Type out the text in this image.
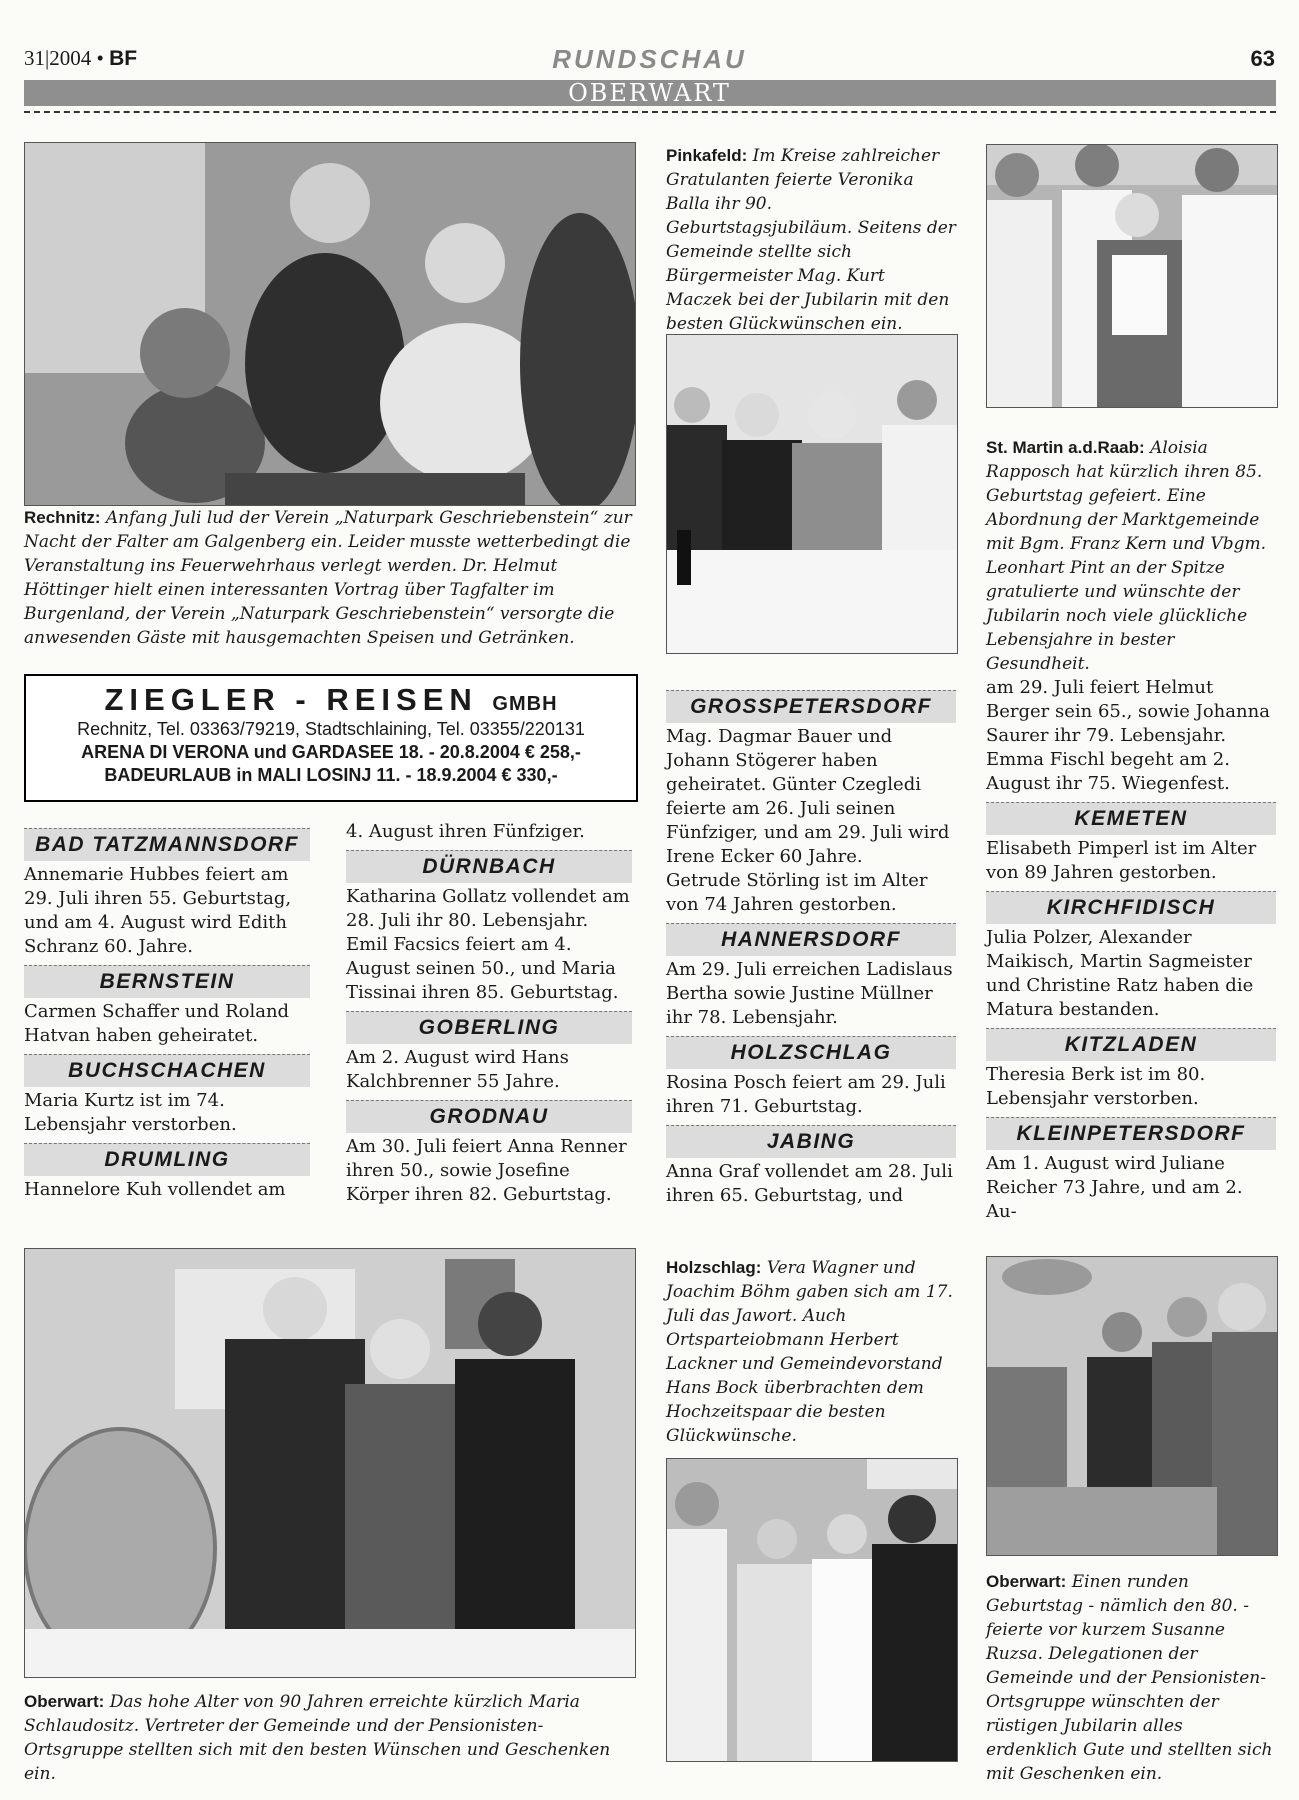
31|2004 • BF	RUNDSCHAU	63
OBERWART
Rechnitz: Anfang Juli lud der Verein „Naturpark Geschriebenstein“ zur Nacht der Falter am Galgenberg ein. Leider musste wetterbedingt die Veranstaltung ins Feuerwehrhaus verlegt werden. Dr. Helmut Höttinger hielt einen interessanten Vortrag über Tagfalter im Burgenland, der Verein „Naturpark Geschriebenstein“ versorgte die anwesenden Gäste mit hausgemachten Speisen und Getränken.
Pinkafeld: Im Kreise zahlreicher Gratulanten feierte Veronika Balla ihr 90. Geburtstagsjubiläum. Seitens der Gemeinde stellte sich Bürgermeister Mag. Kurt Maczek bei der Jubilarin mit den besten Glückwünschen ein.
St. Martin a.d.Raab: Aloisia Rapposch hat kürzlich ihren 85. Geburtstag gefeiert. Eine Abordnung der Marktgemeinde mit Bgm. Franz Kern und Vbgm. Leonhart Pint an der Spitze gratulierte und wünschte der Jubilarin noch viele glückliche Lebensjahre in bester Gesundheit.
ZIEGLER - REISEN GMBH
Rechnitz, Tel. 03363/79219, Stadtschlaining, Tel. 03355/220131
ARENA DI VERONA und GARDASEE 18. - 20.8.2004 € 258,-
BADEURLAUB in MALI LOSINJ 11. - 18.9.2004 € 330,-
BAD TATZMANNSDORF
Annemarie Hubbes feiert am 29. Juli ihren 55. Geburtstag, und am 4. August wird Edith Schranz 60. Jahre.
BERNSTEIN
Carmen Schaffer und Roland Hatvan haben geheiratet.
BUCHSCHACHEN
Maria Kurtz ist im 74. Lebensjahr verstorben.
DRUMLING
Hannelore Kuh vollendet am
4. August ihren Fünfziger.
DÜRNBACH
Katharina Gollatz vollendet am 28. Juli ihr 80. Lebensjahr. Emil Facsics feiert am 4. August seinen 50., und Maria Tissinai ihren 85. Geburtstag.
GOBERLING
Am 2. August wird Hans Kalchbrenner 55 Jahre.
GRODNAU
Am 30. Juli feiert Anna Renner ihren 50., sowie Josefine Körper ihren 82. Geburtstag.
GROSSPETERSDORF
Mag. Dagmar Bauer und Johann Stögerer haben geheiratet. Günter Czegledi feierte am 26. Juli seinen Fünfziger, und am 29. Juli wird Irene Ecker 60 Jahre.
Getrude Störling ist im Alter von 74 Jahren gestorben.
HANNERSDORF
Am 29. Juli erreichen Ladislaus Bertha sowie Justine Müllner ihr 78. Lebensjahr.
HOLZSCHLAG
Rosina Posch feiert am 29. Juli ihren 71. Geburtstag.
JABING
Anna Graf vollendet am 28. Juli ihren 65. Geburtstag, und
am 29. Juli feiert Helmut Berger sein 65., sowie Johanna Saurer ihr 79. Lebensjahr. Emma Fischl begeht am 2. August ihr 75. Wiegenfest.
KEMETEN
Elisabeth Pimperl ist im Alter von 89 Jahren gestorben.
KIRCHFIDISCH
Julia Polzer, Alexander Maikisch, Martin Sagmeister und Christine Ratz haben die Matura bestanden.
KITZLADEN
Theresia Berk ist im 80. Lebensjahr verstorben.
KLEINPETERSDORF
Am 1. August wird Juliane Reicher 73 Jahre, und am 2. Au-
Oberwart: Das hohe Alter von 90 Jahren erreichte kürzlich Maria Schlaudositz. Vertreter der Gemeinde und der Pensionisten-Ortsgruppe stellten sich mit den besten Wünschen und Geschenken ein.
Holzschlag: Vera Wagner und Joachim Böhm gaben sich am 17. Juli das Jawort. Auch Ortsparteiobmann Herbert Lackner und Gemeindevorstand Hans Bock überbrachten dem Hochzeitspaar die besten Glückwünsche.
Oberwart: Einen runden Geburtstag - nämlich den 80. - feierte vor kurzem Susanne Ruzsa. Delegationen der Gemeinde und der Pensionisten-Ortsgruppe wünschten der rüstigen Jubilarin alles erdenklich Gute und stellten sich mit Geschenken ein.
